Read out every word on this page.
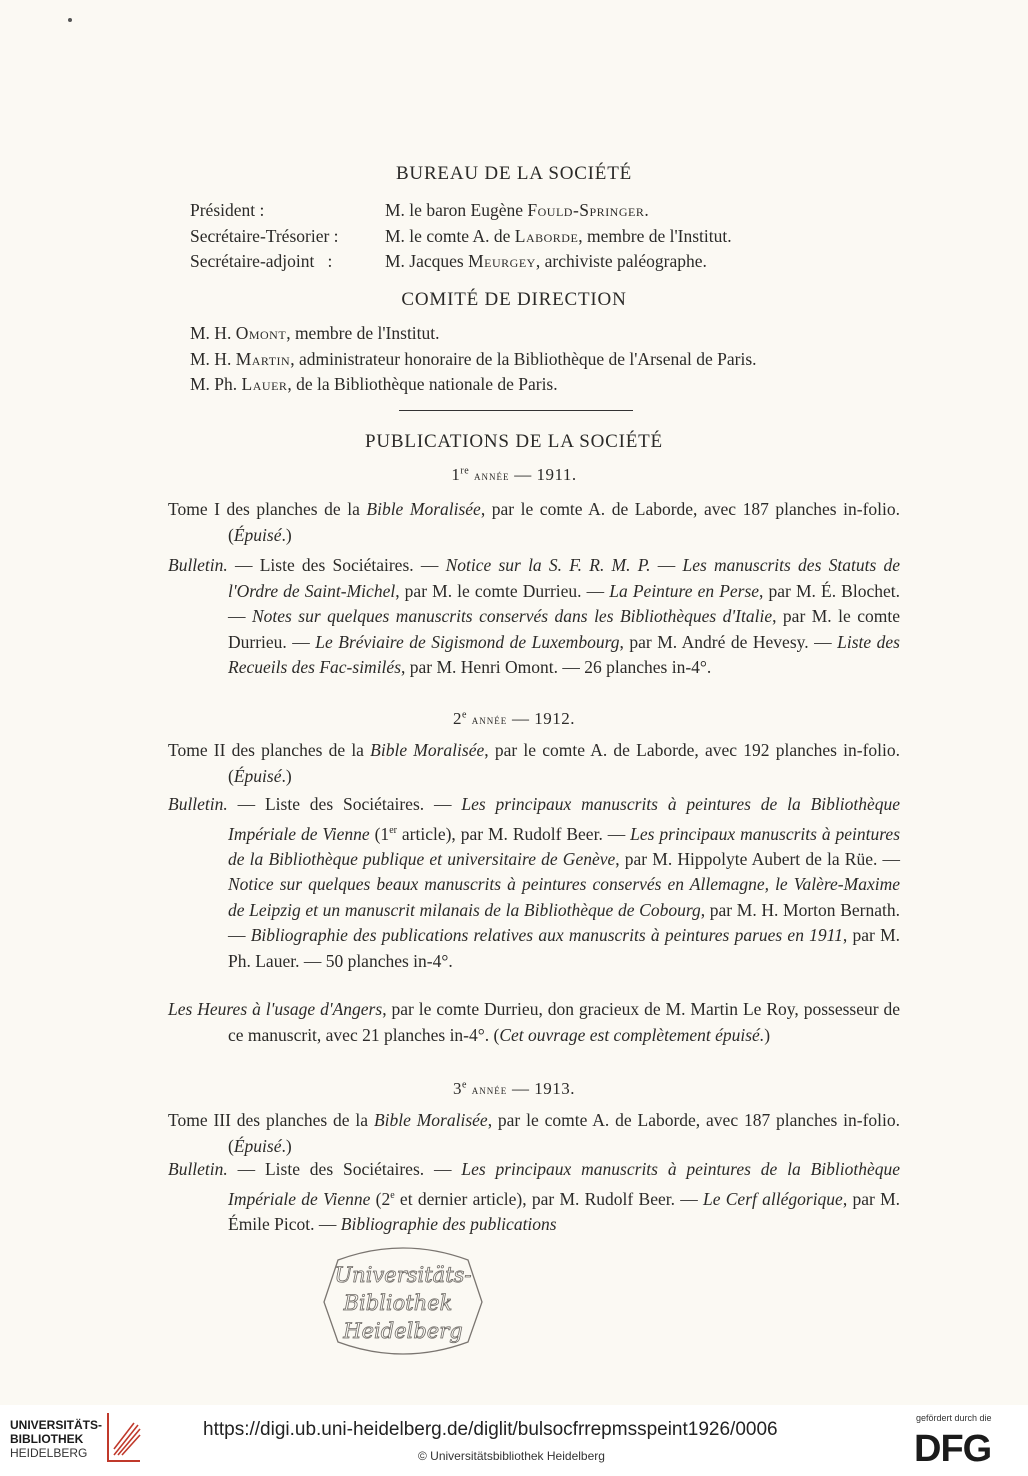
BUREAU DE LA SOCIÉTÉ
Président :	M. le baron Eugène Fould-Springer.
Secrétaire-Trésorier :	M. le comte A. de Laborde, membre de l'Institut.
Secrétaire-adjoint   :	M. Jacques Meurgey, archiviste paléographe.
COMITÉ DE DIRECTION
M. H. Omont, membre de l'Institut.
M. H. Martin, administrateur honoraire de la Bibliothèque de l'Arsenal de Paris.
M. Ph. Lauer, de la Bibliothèque nationale de Paris.
PUBLICATIONS DE LA SOCIÉTÉ
1re année — 1911.
Tome I des planches de la Bible Moralisée, par le comte A. de Laborde, avec 187 planches in-folio. (Épuisé.)
Bulletin. — Liste des Sociétaires. — Notice sur la S. F. R. M. P. — Les manuscrits des Statuts de l'Ordre de Saint-Michel, par M. le comte Durrieu. — La Peinture en Perse, par M. É. Blochet. — Notes sur quelques manuscrits conservés dans les Bibliothèques d'Italie, par M. le comte Durrieu. — Le Bréviaire de Sigismond de Luxembourg, par M. André de Hevesy. — Liste des Recueils des Fac-similés, par M. Henri Omont. — 26 planches in-4°.
2e année — 1912.
Tome II des planches de la Bible Moralisée, par le comte A. de Laborde, avec 192 planches in-folio. (Épuisé.)
Bulletin. — Liste des Sociétaires. — Les principaux manuscrits à peintures de la Bibliothèque Impériale de Vienne (1er article), par M. Rudolf Beer. — Les principaux manuscrits à peintures de la Bibliothèque publique et universitaire de Genève, par M. Hippolyte Aubert de la Rüe. — Notice sur quelques beaux manuscrits à peintures conservés en Allemagne, le Valère-Maxime de Leipzig et un manuscrit milanais de la Bibliothèque de Cobourg, par M. H. Morton Bernath. — Bibliographie des publications relatives aux manuscrits à peintures parues en 1911, par M. Ph. Lauer. — 50 planches in-4°.
Les Heures à l'usage d'Angers, par le comte Durrieu, don gracieux de M. Martin Le Roy, possesseur de ce manuscrit, avec 21 planches in-4°. (Cet ouvrage est complètement épuisé.)
3e année — 1913.
Tome III des planches de la Bible Moralisée, par le comte A. de Laborde, avec 187 planches in-folio. (Épuisé.)
Bulletin. — Liste des Sociétaires. — Les principaux manuscrits à peintures de la Bibliothèque Impériale de Vienne (2e et dernier article), par M. Rudolf Beer. — Le Cerf allégorique, par M. Émile Picot. — Bibliographie des publications
Universitäts-
Bibliothek
Heidelberg
UNIVERSITÄTS-
BIBLIOTHEK
HEIDELBERG
https://digi.ub.uni-heidelberg.de/diglit/bulsocfrrepmsspeint1926/0006
© Universitätsbibliothek Heidelberg
gefördert durch die
DFG
